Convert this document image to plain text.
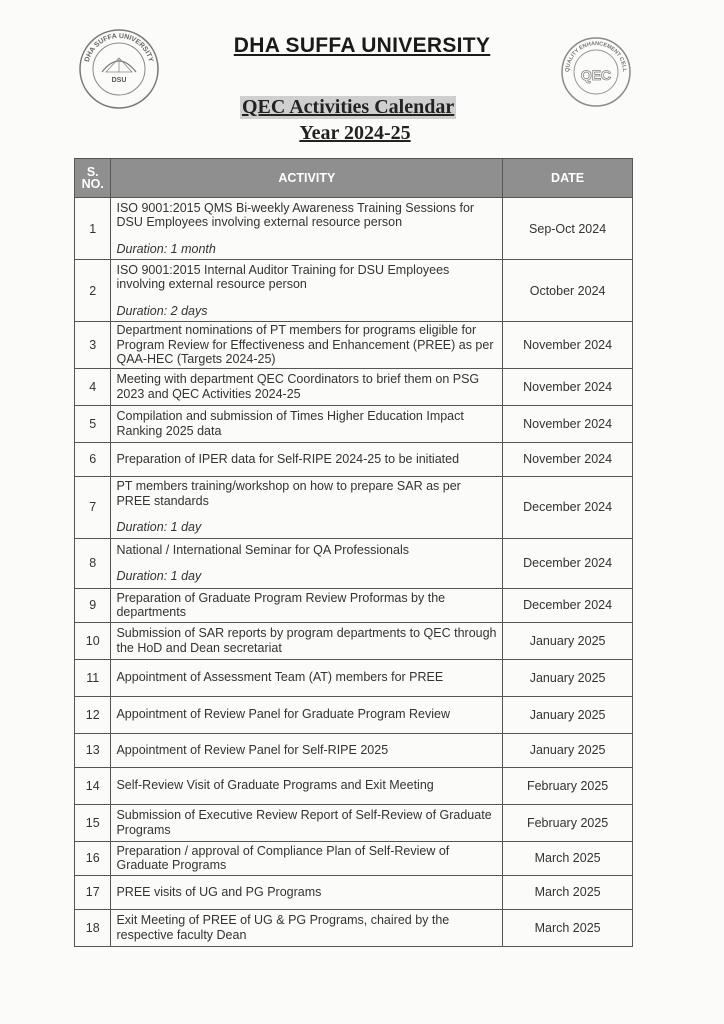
DHA SUFFA UNIVERSITY
DSU
QUALITY ENHANCEMENT CELL
QEC
DHA SUFFA UNIVERSITY
QEC Activities Calendar
Year 2024-25
S. NO.	ACTIVITY	DATE
1	ISO 9001:2015 QMS Bi-weekly Awareness Training Sessions for DSU Employees involving external resource person
Duration: 1 month	Sep-Oct 2024
2	ISO 9001:2015 Internal Auditor Training for DSU Employees involving external resource person
Duration: 2 days	October 2024
3	Department nominations of PT members for programs eligible for Program Review for Effectiveness and Enhancement (PREE) as per QAA-HEC (Targets 2024-25)	November 2024
4	Meeting with department QEC Coordinators to brief them on PSG 2023 and QEC Activities 2024-25	November 2024
5	Compilation and submission of Times Higher Education Impact Ranking 2025 data	November 2024
6	Preparation of IPER data for Self-RIPE 2024-25 to be initiated	November 2024
7	PT members training/workshop on how to prepare SAR as per PREE standards
Duration: 1 day	December 2024
8	National / International Seminar for QA Professionals
Duration: 1 day	December 2024
9	Preparation of Graduate Program Review Proformas by the departments	December 2024
10	Submission of SAR reports by program departments to QEC through the HoD and Dean secretariat	January 2025
11	Appointment of Assessment Team (AT) members for PREE	January 2025
12	Appointment of Review Panel for Graduate Program Review	January 2025
13	Appointment of Review Panel for Self-RIPE 2025	January 2025
14	Self-Review Visit of Graduate Programs and Exit Meeting	February 2025
15	Submission of Executive Review Report of Self-Review of Graduate Programs	February 2025
16	Preparation / approval of Compliance Plan of Self-Review of Graduate Programs	March 2025
17	PREE visits of UG and PG Programs	March 2025
18	Exit Meeting of PREE of UG & PG Programs, chaired by the respective faculty Dean	March 2025
